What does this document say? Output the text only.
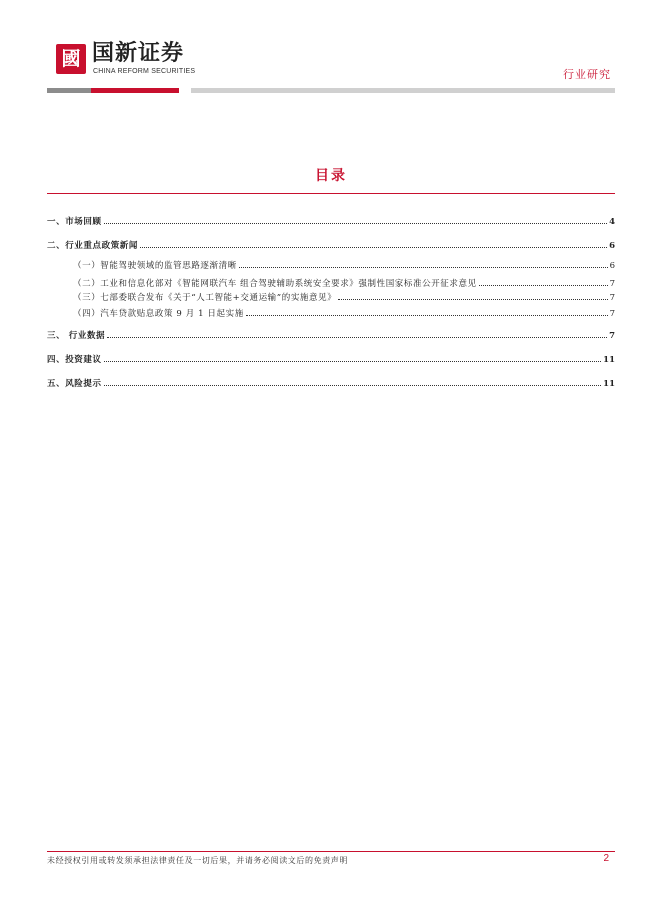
國 国新证券
CHINA REFORM SECURITIES	行业研究
目录
一、市场回顾	4
二、行业重点政策新闻	6
（一）智能驾驶领域的监管思路逐渐清晰	6
（二）工业和信息化部对《智能网联汽车 组合驾驶辅助系统安全要求》强制性国家标准公开征求意见	7
（三）七部委联合发布《关于“人工智能+交通运输”的实施意见》	7
（四）汽车贷款贴息政策 9 月 1 日起实施	7
三、 行业数据	7
四、投资建议	11
五、风险提示	11
未经授权引用或转发须承担法律责任及一切后果，并请务必阅读文后的免责声明	2
